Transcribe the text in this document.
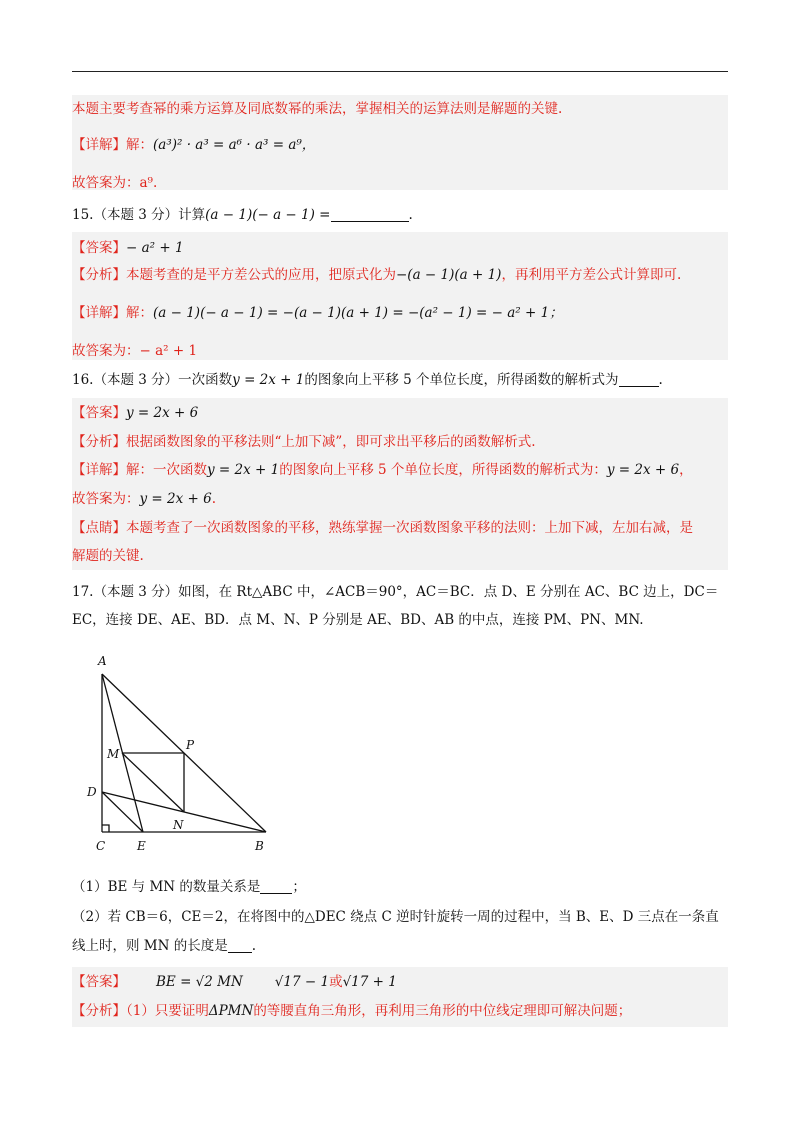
本题主要考查幂的乘方运算及同底数幂的乘法，掌握相关的运算法则是解题的关键.
【详解】解：(a³)² · a³ = a⁶ · a³ = a⁹，
故答案为：a⁹.
15.（本题 3 分）计算(a − 1)(− a − 1) =	.
【答案】− a² + 1
【分析】本题考查的是平方差公式的应用，把原式化为−(a − 1)(a + 1)，再利用平方差公式计算即可.
【详解】解：(a − 1)(− a − 1) = −(a − 1)(a + 1) = −(a² − 1) = − a² + 1；
故答案为：− a² + 1
16.（本题 3 分）一次函数y = 2x + 1的图象向上平移 5 个单位长度，所得函数的解析式为	.
【答案】y = 2x + 6
【分析】根据函数图象的平移法则“上加下减”，即可求出平移后的函数解析式.
【详解】解：一次函数y = 2x + 1的图象向上平移 5 个单位长度，所得函数的解析式为：y = 2x + 6，
故答案为：y = 2x + 6.
【点睛】本题考查了一次函数图象的平移，熟练掌握一次函数图象平移的法则：上加下减，左加右减，是
解题的关键.
17.（本题 3 分）如图，在 Rt△ABC 中，∠ACB＝90°，AC＝BC．点 D、E 分别在 AC、BC 边上，DC＝
EC，连接 DE、AE、BD．点 M、N、P 分别是 AE、BD、AB 的中点，连接 PM、PN、MN.
A
M
P
D
N
C	E	B
（1）BE 与 MN 的数量关系是 ；
（2）若 CB＝6，CE＝2，在将图中的△DEC 绕点 C 逆时针旋转一周的过程中，当 B、E、D 三点在一条直
线上时，则 MN 的长度是 .
【答案】 BE = √2 MN √17 − 1或√17 + 1
【分析】（1）只要证明ΔPMN的等腰直角三角形，再利用三角形的中位线定理即可解决问题；
